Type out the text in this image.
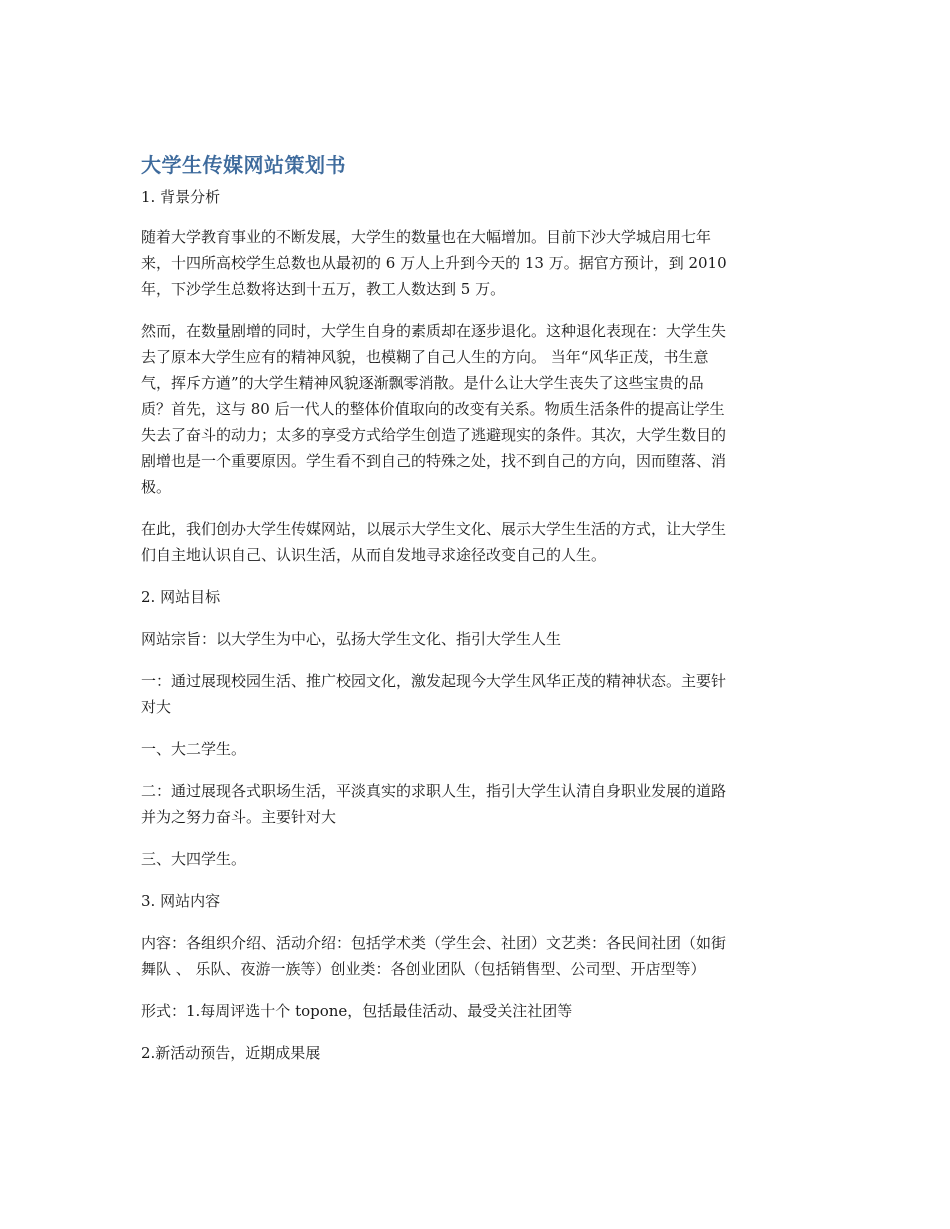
大学生传媒网站策划书

1. 背景分析

随着大学教育事业的不断发展，大学生的数量也在大幅增加。目前下沙大学城启用七年

来，十四所高校学生总数也从最初的 6 万人上升到今天的 13 万。据官方预计，到 2010

年，下沙学生总数将达到十五万，教工人数达到 5 万。

然而，在数量剧增的同时，大学生自身的素质却在逐步退化。这种退化表现在：大学生失

去了原本大学生应有的精神风貌，也模糊了自己人生的方向。 当年“风华正茂，书生意

气，挥斥方遒”的大学生精神风貌逐渐飘零消散。是什么让大学生丧失了这些宝贵的品

质？首先，这与 80 后一代人的整体价值取向的改变有关系。物质生活条件的提高让学生

失去了奋斗的动力；太多的享受方式给学生创造了逃避现实的条件。其次，大学生数目的

剧增也是一个重要原因。学生看不到自己的特殊之处，找不到自己的方向，因而堕落、消

极。

在此，我们创办大学生传媒网站，以展示大学生文化、展示大学生生活的方式，让大学生

们自主地认识自己、认识生活，从而自发地寻求途径改变自己的人生。

2. 网站目标

网站宗旨：以大学生为中心，弘扬大学生文化、指引大学生人生

一：通过展现校园生活、推广校园文化，激发起现今大学生风华正茂的精神状态。主要针

对大

一、大二学生。

二：通过展现各式职场生活，平淡真实的求职人生，指引大学生认清自身职业发展的道路

并为之努力奋斗。主要针对大

三、大四学生。

3. 网站内容

内容：各组织介绍、活动介绍：包括学术类（学生会、社团）文艺类：各民间社团（如街

舞队 、 乐队、夜游一族等）创业类：各创业团队（包括销售型、公司型、开店型等）

形式：1.每周评选十个 topone，包括最佳活动、最受关注社团等

2.新活动预告，近期成果展
